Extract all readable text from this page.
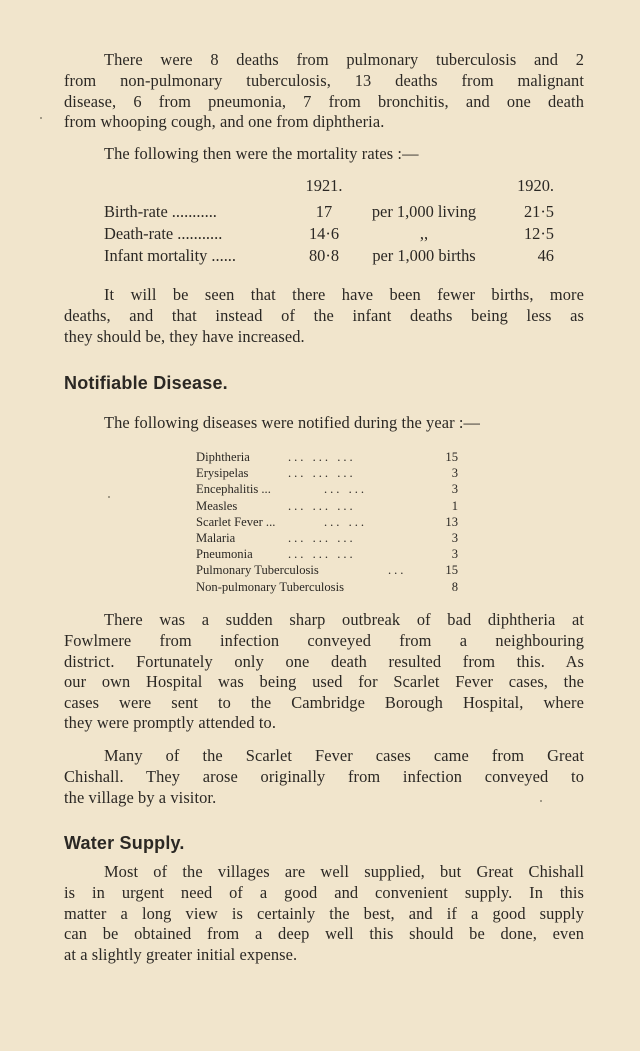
There were 8 deaths from pulmonary tuberculosis and 2
from non-pulmonary tuberculosis, 13 deaths from malignant
disease, 6 from pneumonia, 7 from bronchitis, and one death
from whooping cough, and one from diphtheria.
The following then were the mortality rates :—
1921.	1920.
Birth-rate ...........	17	per 1,000 living	21·5
Death-rate ...........	14·6	,,	12·5
Infant mortality ......	80·8	per 1,000 births	46
It will be seen that there have been fewer births, more
deaths, and that instead of the infant deaths being less as
they should be, they have increased.
Notifiable Disease.
The following diseases were notified during the year :—
Diphtheria	... ... ...	15
Erysipelas	... ... ...	3
Encephalitis ...	... ...	3
Measles	... ... ...	1
Scarlet Fever ...	... ...	13
Malaria	... ... ...	3
Pneumonia	... ... ...	3
Pulmonary Tuberculosis	...	15
Non-pulmonary Tuberculosis	8
There was a sudden sharp outbreak of bad diphtheria at
Fowlmere from infection conveyed from a neighbouring
district. Fortunately only one death resulted from this. As
our own Hospital was being used for Scarlet Fever cases, the
cases were sent to the Cambridge Borough Hospital, where
they were promptly attended to.
Many of the Scarlet Fever cases came from Great
Chishall. They arose originally from infection conveyed to
the village by a visitor.
Water Supply.
Most of the villages are well supplied, but Great Chishall
is in urgent need of a good and convenient supply. In this
matter a long view is certainly the best, and if a good supply
can be obtained from a deep well this should be done, even
at a slightly greater initial expense.
